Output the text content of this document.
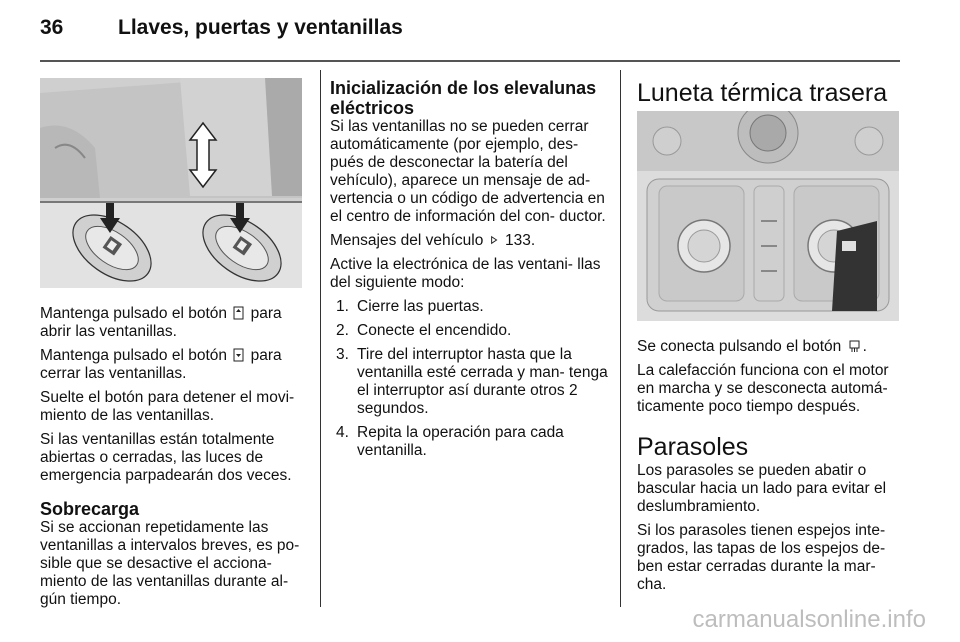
36	Llaves, puertas y ventanillas

Mantenga pulsado el botón para abrir las ventanillas.

Mantenga pulsado el botón para cerrar las ventanillas.

Suelte el botón para detener el movi- miento de las ventanillas.

Si las ventanillas están totalmente abiertas o cerradas, las luces de emergencia parpadearán dos veces.

Sobrecarga

Si se accionan repetidamente las ventanillas a intervalos breves, es po- sible que se desactive el acciona- miento de las ventanillas durante al- gún tiempo.

Inicialización de los elevalunas eléctricos

Si las ventanillas no se pueden cerrar automáticamente (por ejemplo, des- pués de desconectar la batería del vehículo), aparece un mensaje de ad- vertencia o un código de advertencia en el centro de información del con- ductor.

Mensajes del vehículo 133.

Active la electrónica de las ventani- llas del siguiente modo:

1. Cierre las puertas.
2. Conecte el encendido.
3. Tire del interruptor hasta que la ventanilla esté cerrada y man- tenga el interruptor así durante otros 2 segundos.
4. Repita la operación para cada ventanilla.
Luneta térmica trasera

Se conecta pulsando el botón .

La calefacción funciona con el motor en marcha y se desconecta automá- ticamente poco tiempo después.

Parasoles

Los parasoles se pueden abatir o bascular hacia un lado para evitar el deslumbramiento.

Si los parasoles tienen espejos inte- grados, las tapas de los espejos de- ben estar cerradas durante la mar- cha.

carmanualsonline.info
